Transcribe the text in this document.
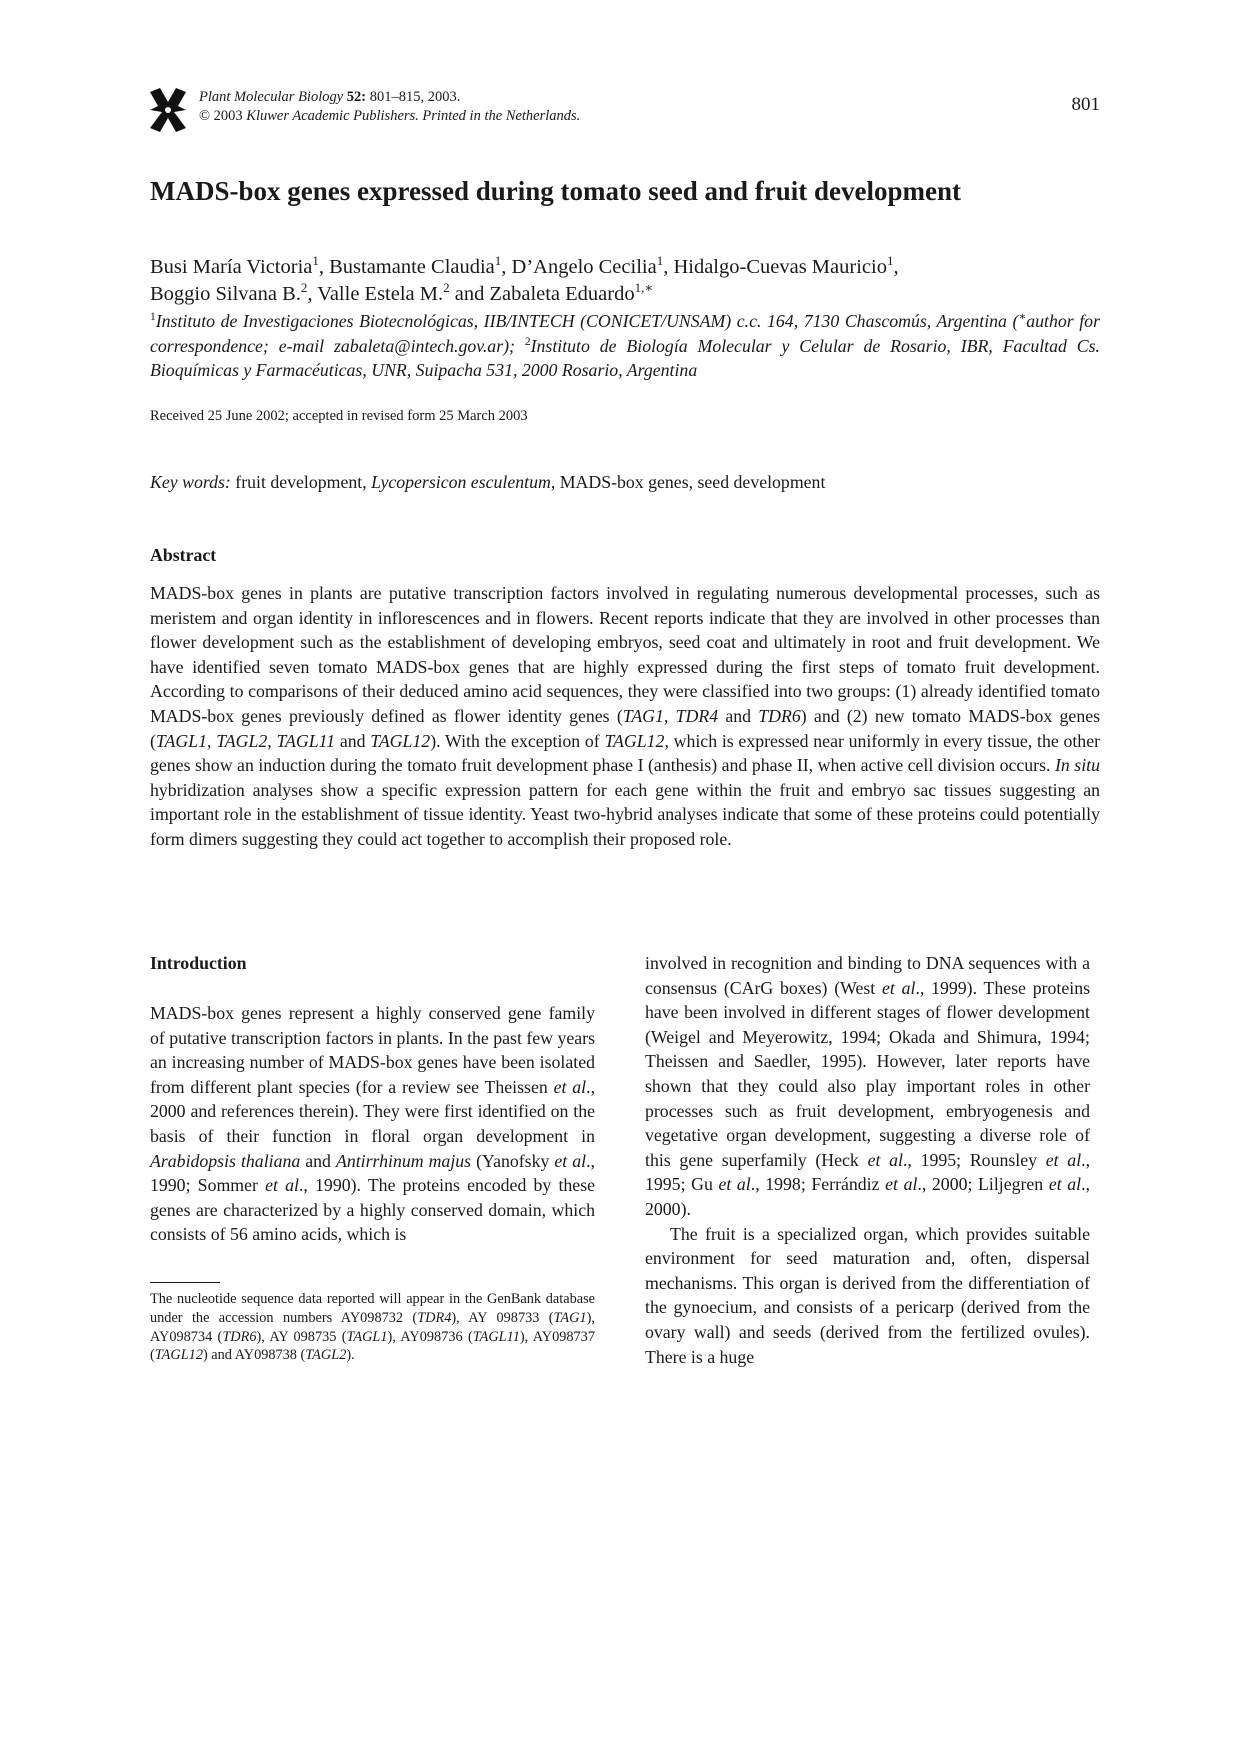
Plant Molecular Biology 52: 801–815, 2003.
© 2003 Kluwer Academic Publishers. Printed in the Netherlands.
801
MADS-box genes expressed during tomato seed and fruit development
Busi María Victoria$^1$, Bustamante Claudia$^1$, D’Angelo Cecilia$^1$, Hidalgo-Cuevas Mauricio$^1$,
Boggio Silvana B.$^2$, Valle Estela M.$^2$ and Zabaleta Eduardo$^{1,∗}$
$^1$Instituto de Investigaciones Biotecnológicas, IIB/INTECH (CONICET/UNSAM) c.c. 164, 7130 Chascomús, Argentina (∗author for correspondence; e-mail zabaleta@intech.gov.ar); $^2$Instituto de Biología Molecular y Celular de Rosario, IBR, Facultad Cs. Bioquímicas y Farmacéuticas, UNR, Suipacha 531, 2000 Rosario, Argentina
Received 25 June 2002; accepted in revised form 25 March 2003
Key words: fruit development, Lycopersicon esculentum, MADS-box genes, seed development
Abstract
MADS-box genes in plants are putative transcription factors involved in regulating numerous developmental processes, such as meristem and organ identity in inflorescences and in flowers. Recent reports indicate that they are involved in other processes than flower development such as the establishment of developing embryos, seed coat and ultimately in root and fruit development. We have identified seven tomato MADS-box genes that are highly expressed during the first steps of tomato fruit development. According to comparisons of their deduced amino acid sequences, they were classified into two groups: (1) already identified tomato MADS-box genes previously defined as flower identity genes (TAG1, TDR4 and TDR6) and (2) new tomato MADS-box genes (TAGL1, TAGL2, TAGL11 and TAGL12). With the exception of TAGL12, which is expressed near uniformly in every tissue, the other genes show an induction during the tomato fruit development phase I (anthesis) and phase II, when active cell division occurs. In situ hybridization analyses show a specific expression pattern for each gene within the fruit and embryo sac tissues suggesting an important role in the establishment of tissue identity. Yeast two-hybrid analyses indicate that some of these proteins could potentially form dimers suggesting they could act together to accomplish their proposed role.
Introduction

MADS-box genes represent a highly conserved gene family of putative transcription factors in plants. In the past few years an increasing number of MADS-box genes have been isolated from different plant species (for a review see Theissen et al., 2000 and references therein). They were first identified on the basis of their function in floral organ development in Arabidopsis thaliana and Antirrhinum majus (Yanofsky et al., 1990; Sommer et al., 1990). The proteins encoded by these genes are characterized by a highly conserved domain, which consists of 56 amino acids, which is

The nucleotide sequence data reported will appear in the GenBank database under the accession numbers AY098732 (TDR4), AY 098733 (TAG1), AY098734 (TDR6), AY 098735 (TAGL1), AY098736 (TAGL11), AY098737 (TAGL12) and AY098738 (TAGL2).

involved in recognition and binding to DNA sequences with a consensus (CArG boxes) (West et al., 1999). These proteins have been involved in different stages of flower development (Weigel and Meyerowitz, 1994; Okada and Shimura, 1994; Theissen and Saedler, 1995). However, later reports have shown that they could also play important roles in other processes such as fruit development, embryogenesis and vegetative organ development, suggesting a diverse role of this gene superfamily (Heck et al., 1995; Rounsley et al., 1995; Gu et al., 1998; Ferrándiz et al., 2000; Liljegren et al., 2000).

The fruit is a specialized organ, which provides suitable environment for seed maturation and, often, dispersal mechanisms. This organ is derived from the differentiation of the gynoecium, and consists of a pericarp (derived from the ovary wall) and seeds (derived from the fertilized ovules). There is a huge
